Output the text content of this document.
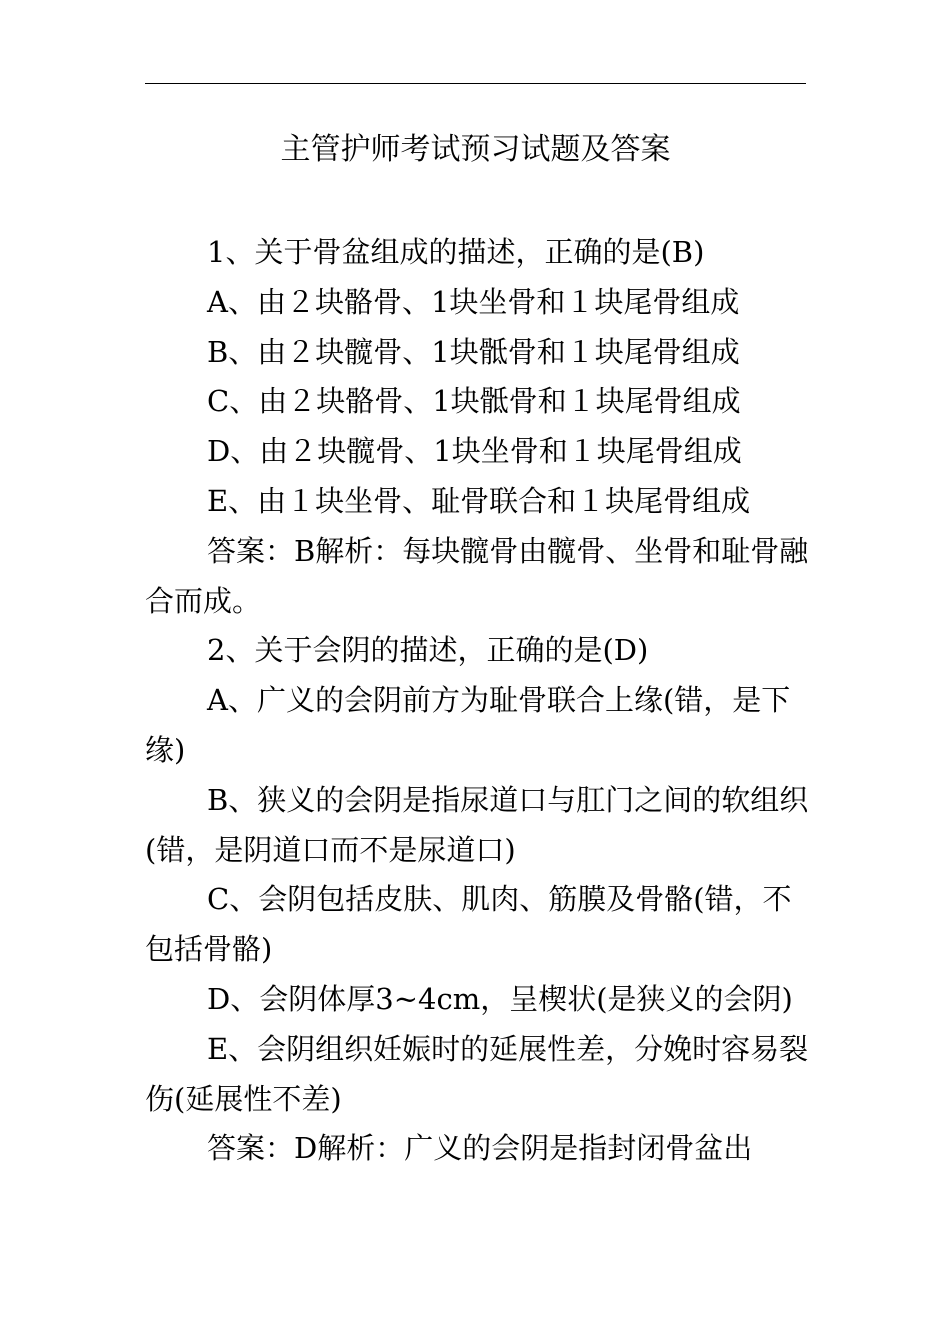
主管护师考试预习试题及答案

1、关于骨盆组成的描述，正确的是(B)

A、由２块骼骨、1块坐骨和１块尾骨组成

B、由２块髋骨、1块骶骨和１块尾骨组成

C、由２块骼骨、1块骶骨和１块尾骨组成

D、由２块髋骨、1块坐骨和１块尾骨组成

E、由１块坐骨、耻骨联合和１块尾骨组成

答案：B解析：每块髋骨由髋骨、坐骨和耻骨融合而成。

2、关于会阴的描述，正确的是(D)

A、广义的会阴前方为耻骨联合上缘(错，是下缘)

B、狭义的会阴是指尿道口与肛门之间的软组织(错，是阴道口而不是尿道口)

C、会阴包括皮肤、肌肉、筋膜及骨骼(错，不包括骨骼)

D、会阴体厚3~4cm，呈楔状(是狭义的会阴)

E、会阴组织妊娠时的延展性差，分娩时容易裂伤(延展性不差)

答案：D解析：广义的会阴是指封闭骨盆出
